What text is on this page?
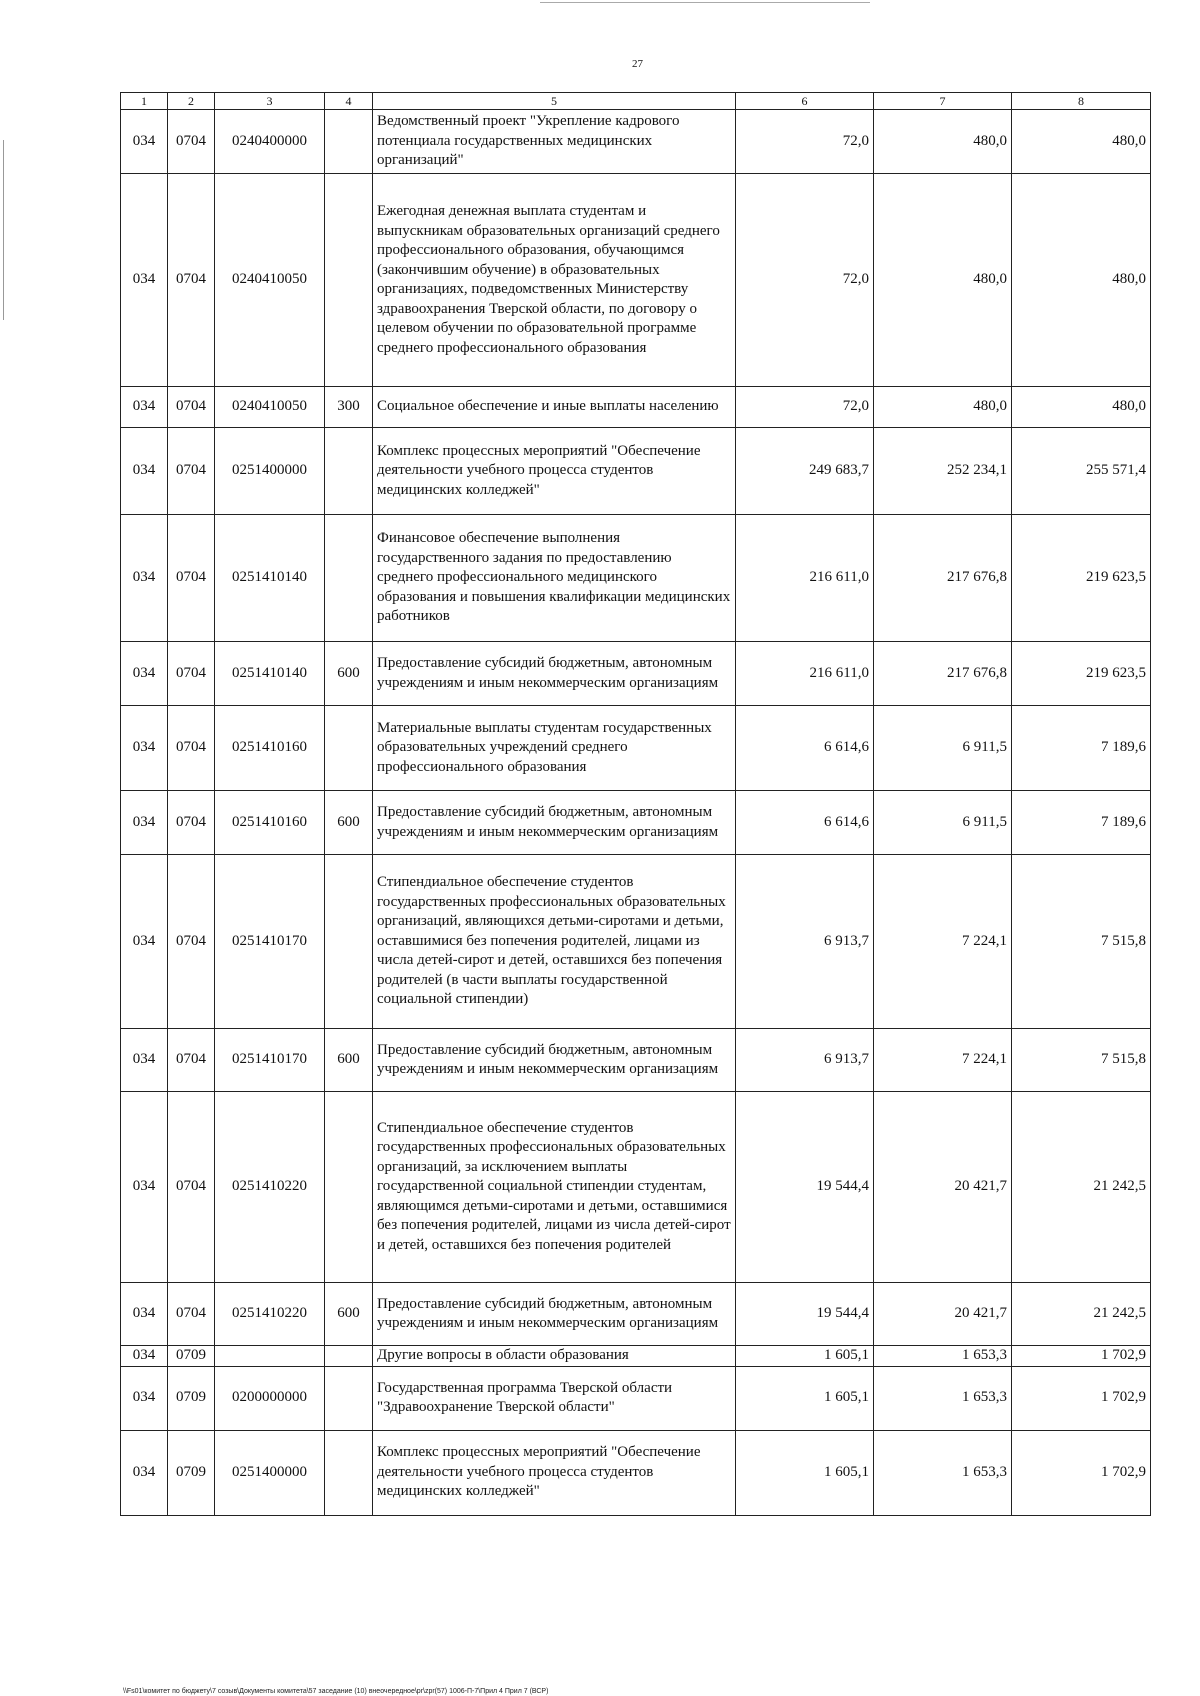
27
1	2	3	4	5	6	7	8
034	0704	0240400000		Ведомственный проект "Укрепление кадрового потенциала государственных медицинских организаций"	72,0	480,0	480,0
034	0704	0240410050		Ежегодная денежная выплата студентам и выпускникам образовательных организаций среднего профессионального образования, обучающимся (закончившим обучение) в образовательных организациях, подведомственных Министерству здравоохранения Тверской области, по договору о целевом обучении по образовательной программе среднего профессионального образования	72,0	480,0	480,0
034	0704	0240410050	300	Социальное обеспечение и иные выплаты населению	72,0	480,0	480,0
034	0704	0251400000		Комплекс процессных мероприятий "Обеспечение деятельности учебного процесса студентов медицинских колледжей"	249 683,7	252 234,1	255 571,4
034	0704	0251410140		Финансовое обеспечение выполнения государственного задания по предоставлению среднего профессионального медицинского образования и повышения квалификации медицинских работников	216 611,0	217 676,8	219 623,5
034	0704	0251410140	600	Предоставление субсидий бюджетным, автономным учреждениям и иным некоммерческим организациям	216 611,0	217 676,8	219 623,5
034	0704	0251410160		Материальные выплаты студентам государственных образовательных учреждений среднего профессионального образования	6 614,6	6 911,5	7 189,6
034	0704	0251410160	600	Предоставление субсидий бюджетным, автономным учреждениям и иным некоммерческим организациям	6 614,6	6 911,5	7 189,6
034	0704	0251410170		Стипендиальное обеспечение студентов государственных профессиональных образовательных организаций, являющихся детьми-сиротами и детьми, оставшимися без попечения родителей, лицами из числа детей-сирот и детей, оставшихся без попечения родителей (в части выплаты государственной социальной стипендии)	6 913,7	7 224,1	7 515,8
034	0704	0251410170	600	Предоставление субсидий бюджетным, автономным учреждениям и иным некоммерческим организациям	6 913,7	7 224,1	7 515,8
034	0704	0251410220		Стипендиальное обеспечение студентов государственных профессиональных образовательных организаций, за исключением выплаты государственной социальной стипендии студентам, являющимся детьми-сиротами и детьми, оставшимися без попечения родителей, лицами из числа детей-сирот и детей, оставшихся без попечения родителей	19 544,4	20 421,7	21 242,5
034	0704	0251410220	600	Предоставление субсидий бюджетным, автономным учреждениям и иным некоммерческим организациям	19 544,4	20 421,7	21 242,5
034	0709			Другие вопросы в области образования	1 605,1	1 653,3	1 702,9
034	0709	0200000000		Государственная программа Тверской области "Здравоохранение Тверской области"	1 605,1	1 653,3	1 702,9
034	0709	0251400000		Комплекс процессных мероприятий "Обеспечение деятельности учебного процесса студентов медицинских колледжей"	1 605,1	1 653,3	1 702,9
\\Fs01\комитет по бюджету\7 созыв\Документы комитета\57 заседание (10) внеочередное\pr\zpr(57) 1006-П-7\Прил 4 Прил 7 (ВСР)
